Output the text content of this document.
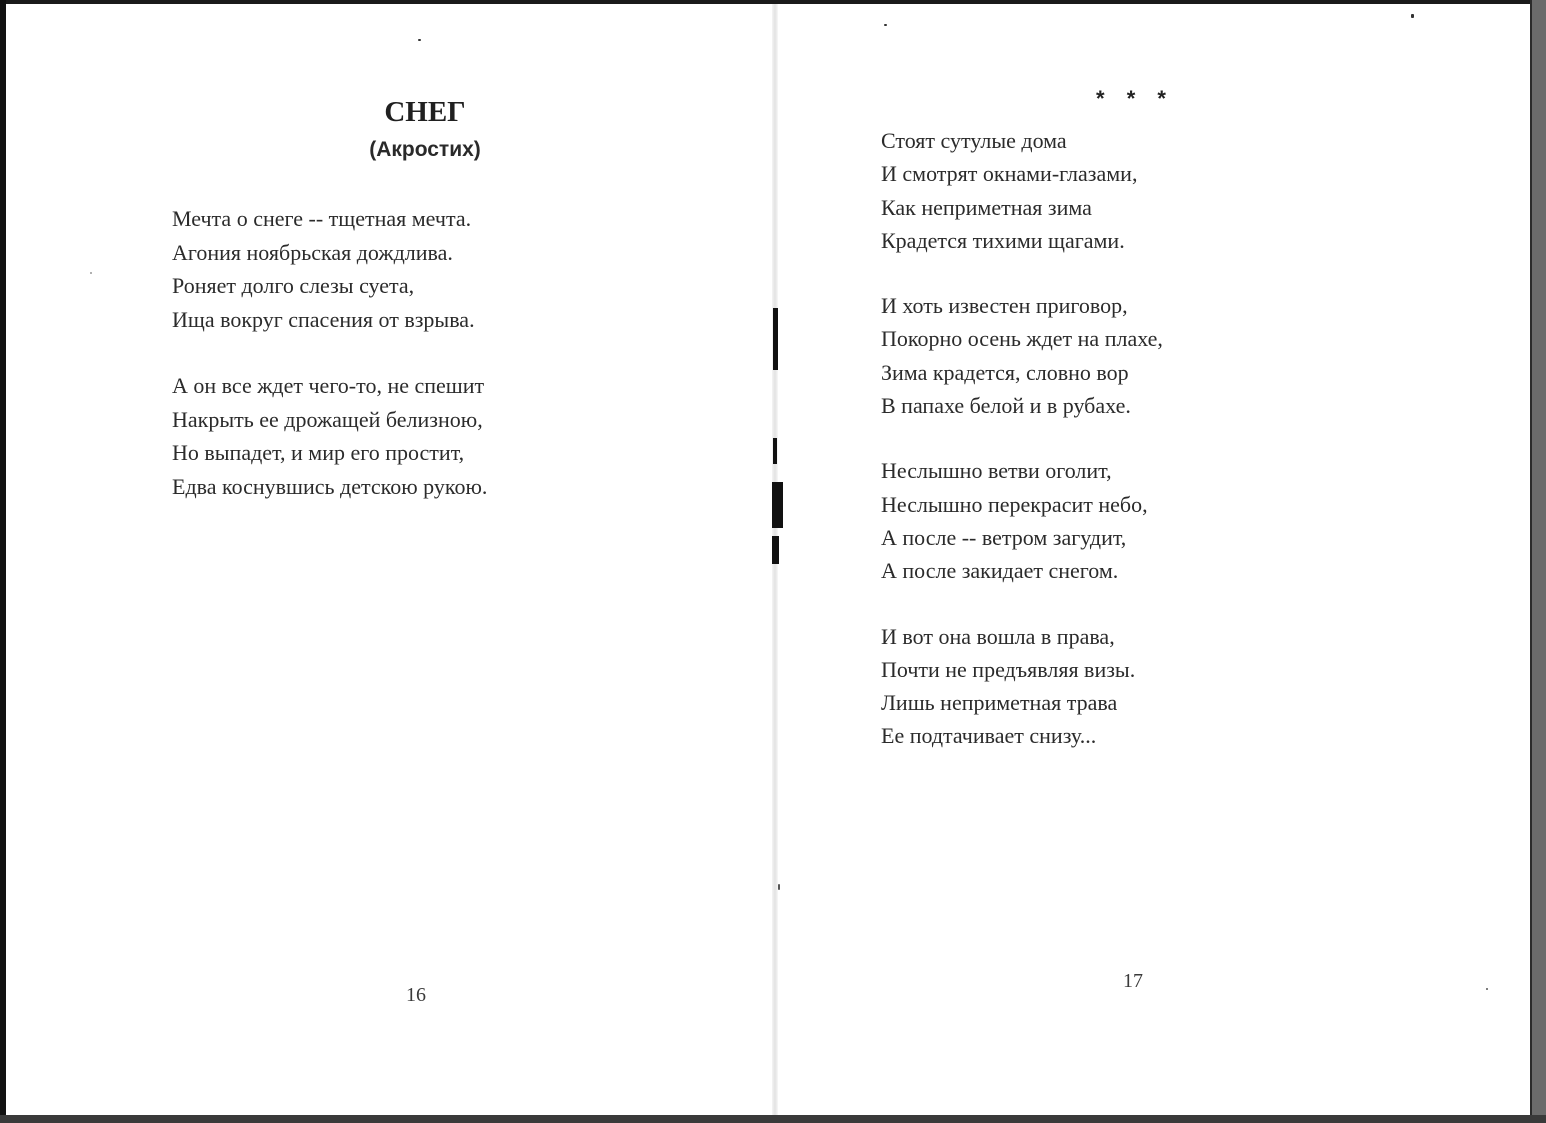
СНЕГ
(Акростих)
Мечта о снеге -- тщетная мечта.
Агония ноябрьская дождлива.
Роняет долго слезы суета,
Ища вокруг спасения от взрыва.
А он все ждет чего-то, не спешит
Накрыть ее дрожащей белизною,
Но выпадет, и мир его простит,
Едва коснувшись детскою рукою.

16

* * *

Стоят сутулые дома
И смотрят окнами-глазами,
Как неприметная зима
Крадется тихими щагами.
И хоть известен приговор,
Покорно осень ждет на плахе,
Зима крадется, словно вор
В папахе белой и в рубахе.
Неслышно ветви оголит,
Неслышно перекрасит небо,
А после -- ветром загудит,
А после закидает снегом.
И вот она вошла в права,
Почти не предъявляя визы.
Лишь неприметная трава
Ее подтачивает снизу...

17
